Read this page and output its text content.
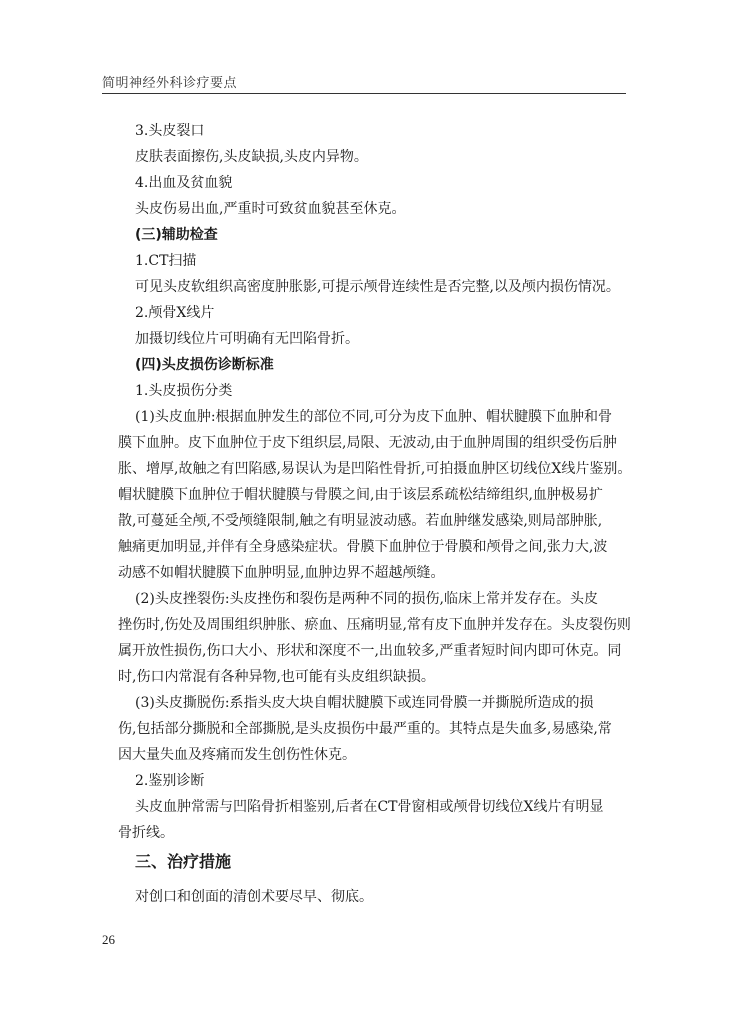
简明神经外科诊疗要点
3.头皮裂口
皮肤表面擦伤,头皮缺损,头皮内异物。
4.出血及贫血貌
头皮伤易出血,严重时可致贫血貌甚至休克。
(三)辅助检查
1.CT扫描
可见头皮软组织高密度肿胀影,可提示颅骨连续性是否完整,以及颅内损伤情况。
2.颅骨X线片
加摄切线位片可明确有无凹陷骨折。
(四)头皮损伤诊断标准
1.头皮损伤分类
(1)头皮血肿:根据血肿发生的部位不同,可分为皮下血肿、帽状腱膜下血肿和骨
膜下血肿。皮下血肿位于皮下组织层,局限、无波动,由于血肿周围的组织受伤后肿
胀、增厚,故触之有凹陷感,易误认为是凹陷性骨折,可拍摄血肿区切线位X线片鉴别。
帽状腱膜下血肿位于帽状腱膜与骨膜之间,由于该层系疏松结缔组织,血肿极易扩
散,可蔓延全颅,不受颅缝限制,触之有明显波动感。若血肿继发感染,则局部肿胀,
触痛更加明显,并伴有全身感染症状。骨膜下血肿位于骨膜和颅骨之间,张力大,波
动感不如帽状腱膜下血肿明显,血肿边界不超越颅缝。
(2)头皮挫裂伤:头皮挫伤和裂伤是两种不同的损伤,临床上常并发存在。头皮
挫伤时,伤处及周围组织肿胀、瘀血、压痛明显,常有皮下血肿并发存在。头皮裂伤则
属开放性损伤,伤口大小、形状和深度不一,出血较多,严重者短时间内即可休克。同
时,伤口内常混有各种异物,也可能有头皮组织缺损。
(3)头皮撕脱伤:系指头皮大块自帽状腱膜下或连同骨膜一并撕脱所造成的损
伤,包括部分撕脱和全部撕脱,是头皮损伤中最严重的。其特点是失血多,易感染,常
因大量失血及疼痛而发生创伤性休克。
2.鉴别诊断
头皮血肿常需与凹陷骨折相鉴别,后者在CT骨窗相或颅骨切线位X线片有明显
骨折线。
三、治疗措施
对创口和创面的清创术要尽早、彻底。
26
